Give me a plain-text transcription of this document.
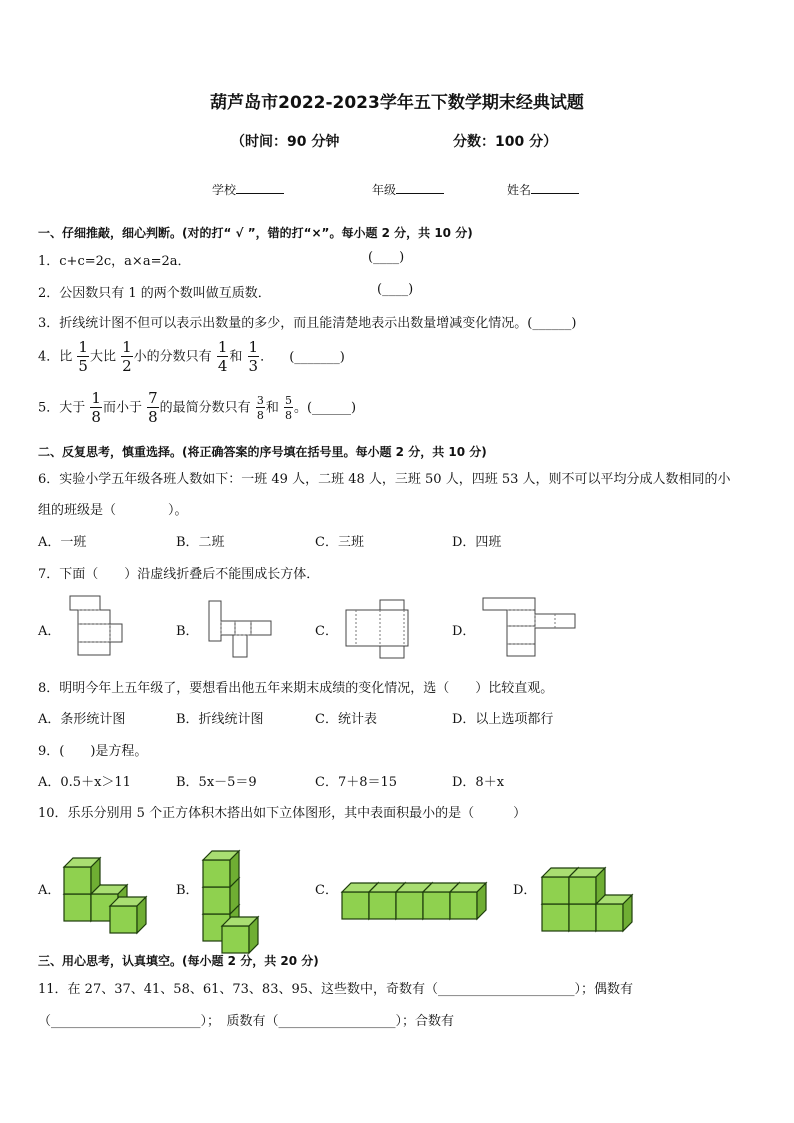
葫芦岛市2022-2023学年五下数学期末经典试题
（时间：90 分钟	分数：100 分）
学校	年级	姓名
一、仔细推敲，细心判断。(对的打“ √ ”，错的打“×”。每小题 2 分，共 10 分)
1．c+c=2c，a×a=2a．	(____)
2．公因数只有 1 的两个数叫做互质数．	(____)
3．折线统计图不但可以表示出数量的多少，而且能清楚地表示出数量增减变化情况。(______)
4．比 $\frac{1}{5}$ 大比 $\frac{1}{2}$ 小的分数只有 $\frac{1}{4}$ 和 $\frac{1}{3}$ ． (_______)
5．大于 $\frac{1}{8}$ 而小于 $\frac{7}{8}$ 的最简分数只有 $\frac{3}{8}$ 和 $\frac{5}{8}$ 。(______)
二、反复思考，慎重选择。(将正确答案的序号填在括号里。每小题 2 分，共 10 分)
6．实验小学五年级各班人数如下：一班 49 人，二班 48 人，三班 50 人，四班 53 人，则不可以平均分成人数相同的小
组的班级是（　　　　）。
A．一班	B．二班	C．三班	D．四班
7．下面（　　）沿虚线折叠后不能围成长方体．
A．	B．	C．	D．
8．明明今年上五年级了，要想看出他五年来期末成绩的变化情况，选（　　）比较直观。
A．条形统计图	B．折线统计图	C．统计表	D．以上选项都行
9．(　　)是方程。
A．0.5＋x＞11	B．5x－5＝9	C．7＋8＝15	D．8＋x
10．乐乐分别用 5 个正方体积木搭出如下立体图形，其中表面积最小的是（　　　）
A．	B．	C．	D．
三、用心思考，认真填空。(每小题 2 分，共 20 分)
11．在 27、37、41、58、61、73、83、95、这些数中，奇数有（_____________________）；偶数有
（_______________________）；　质数有（__________________）；合数有
